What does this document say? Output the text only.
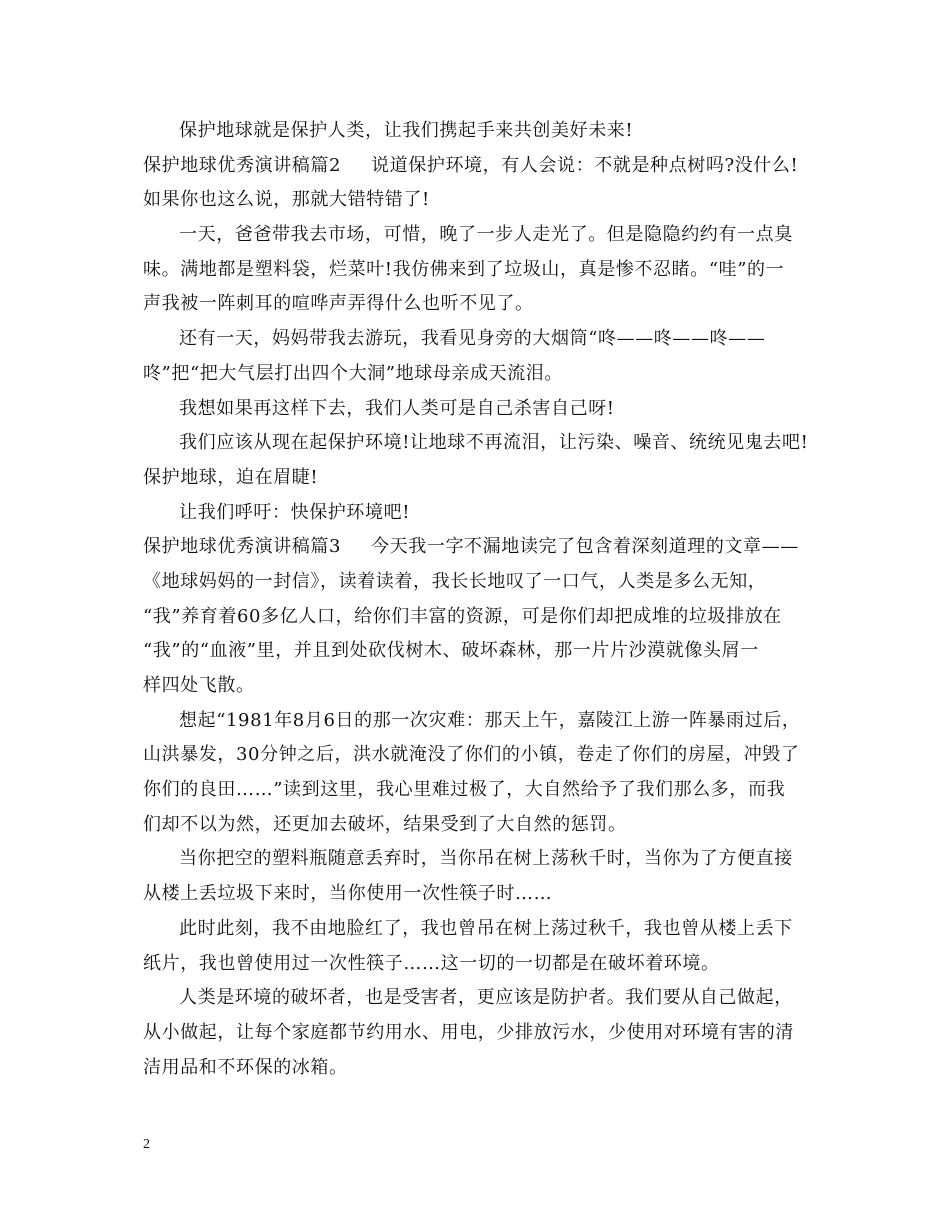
保护地球就是保护人类，让我们携起手来共创美好未来!
保护地球优秀演讲稿篇2 说道保护环境，有人会说：不就是种点树吗?没什么!
如果你也这么说，那就大错特错了!
一天，爸爸带我去市场，可惜，晚了一步人走光了。但是隐隐约约有一点臭
味。满地都是塑料袋，烂菜叶!我仿佛来到了垃圾山，真是惨不忍睹。“哇”的一
声我被一阵刺耳的喧哗声弄得什么也听不见了。
还有一天，妈妈带我去游玩，我看见身旁的大烟筒“咚——咚——咚——
咚”把“把大气层打出四个大洞”地球母亲成天流泪。
我想如果再这样下去，我们人类可是自己杀害自己呀!
我们应该从现在起保护环境!让地球不再流泪，让污染、噪音、统统见鬼去吧!
保护地球，迫在眉睫!
让我们呼吁：快保护环境吧!
保护地球优秀演讲稿篇3 今天我一字不漏地读完了包含着深刻道理的文章——
《地球妈妈的一封信》，读着读着，我长长地叹了一口气，人类是多么无知，
“我”养育着60多亿人口，给你们丰富的资源，可是你们却把成堆的垃圾排放在
“我”的“血液”里，并且到处砍伐树木、破坏森林，那一片片沙漠就像头屑一
样四处飞散。
想起“1981年8月6日的那一次灾难：那天上午，嘉陵江上游一阵暴雨过后，
山洪暴发，30分钟之后，洪水就淹没了你们的小镇，卷走了你们的房屋，冲毁了
你们的良田……”读到这里，我心里难过极了，大自然给予了我们那么多，而我
们却不以为然，还更加去破坏，结果受到了大自然的惩罚。
当你把空的塑料瓶随意丢弃时，当你吊在树上荡秋千时，当你为了方便直接
从楼上丢垃圾下来时，当你使用一次性筷子时……
此时此刻，我不由地脸红了，我也曾吊在树上荡过秋千，我也曾从楼上丢下
纸片，我也曾使用过一次性筷子……这一切的一切都是在破坏着环境。
人类是环境的破坏者，也是受害者，更应该是防护者。我们要从自己做起，
从小做起，让每个家庭都节约用水、用电，少排放污水，少使用对环境有害的清
洁用品和不环保的冰箱。
2
